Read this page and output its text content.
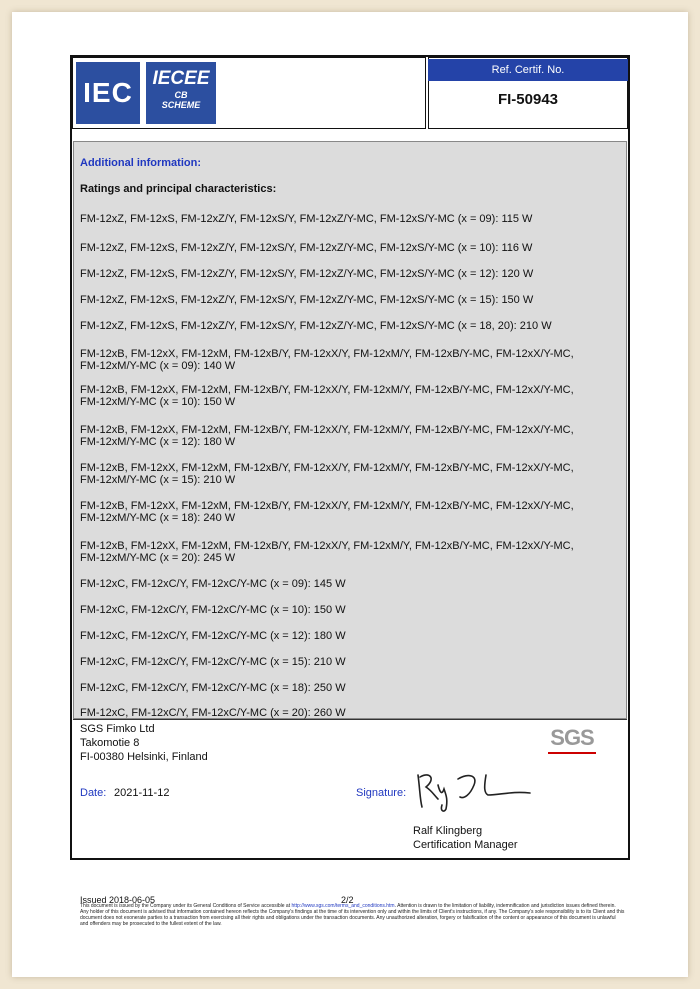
IEC	IECEE
CB
SCHEME
Ref. Certif. No.
FI-50943
Additional information:
Ratings and principal characteristics:
FM-12xZ, FM-12xS, FM-12xZ/Y, FM-12xS/Y, FM-12xZ/Y-MC, FM-12xS/Y-MC (x = 09): 115 W
FM-12xZ, FM-12xS, FM-12xZ/Y, FM-12xS/Y, FM-12xZ/Y-MC, FM-12xS/Y-MC (x = 10): 116 W
FM-12xZ, FM-12xS, FM-12xZ/Y, FM-12xS/Y, FM-12xZ/Y-MC, FM-12xS/Y-MC (x = 12): 120 W
FM-12xZ, FM-12xS, FM-12xZ/Y, FM-12xS/Y, FM-12xZ/Y-MC, FM-12xS/Y-MC (x = 15): 150 W
FM-12xZ, FM-12xS, FM-12xZ/Y, FM-12xS/Y, FM-12xZ/Y-MC, FM-12xS/Y-MC (x = 18, 20): 210 W
FM-12xB, FM-12xX, FM-12xM, FM-12xB/Y, FM-12xX/Y, FM-12xM/Y, FM-12xB/Y-MC, FM-12xX/Y-MC,
FM-12xM/Y-MC (x = 09): 140 W
FM-12xB, FM-12xX, FM-12xM, FM-12xB/Y, FM-12xX/Y, FM-12xM/Y, FM-12xB/Y-MC, FM-12xX/Y-MC,
FM-12xM/Y-MC (x = 10): 150 W
FM-12xB, FM-12xX, FM-12xM, FM-12xB/Y, FM-12xX/Y, FM-12xM/Y, FM-12xB/Y-MC, FM-12xX/Y-MC,
FM-12xM/Y-MC (x = 12): 180 W
FM-12xB, FM-12xX, FM-12xM, FM-12xB/Y, FM-12xX/Y, FM-12xM/Y, FM-12xB/Y-MC, FM-12xX/Y-MC,
FM-12xM/Y-MC (x = 15): 210 W
FM-12xB, FM-12xX, FM-12xM, FM-12xB/Y, FM-12xX/Y, FM-12xM/Y, FM-12xB/Y-MC, FM-12xX/Y-MC,
FM-12xM/Y-MC (x = 18): 240 W
FM-12xB, FM-12xX, FM-12xM, FM-12xB/Y, FM-12xX/Y, FM-12xM/Y, FM-12xB/Y-MC, FM-12xX/Y-MC,
FM-12xM/Y-MC (x = 20): 245 W
FM-12xC, FM-12xC/Y, FM-12xC/Y-MC (x = 09): 145 W
FM-12xC, FM-12xC/Y, FM-12xC/Y-MC (x = 10): 150 W
FM-12xC, FM-12xC/Y, FM-12xC/Y-MC (x = 12): 180 W
FM-12xC, FM-12xC/Y, FM-12xC/Y-MC (x = 15): 210 W
FM-12xC, FM-12xC/Y, FM-12xC/Y-MC (x = 18): 250 W
FM-12xC, FM-12xC/Y, FM-12xC/Y-MC (x = 20): 260 W
SGS Fimko Ltd
Takomotie 8
FI-00380 Helsinki, Finland
SGS
Date: 2021-11-12	Signature:
Ralf Klingberg
Certification Manager
Issued 2018-06-05	2/2
This document is issued by the Company under its General Conditions of Service accessible at http://www.sgs.com/terms_and_conditions.htm. Attention is drawn to the limitation of liability, indemnification and jurisdiction issues defined therein. Any holder of this document is advised that information contained hereon reflects the Company's findings at the time of its intervention only and within the limits of Client's instructions, if any. The Company's sole responsibility is to its Client and this document does not exonerate parties to a transaction from exercising all their rights and obligations under the transaction documents. Any unauthorized alteration, forgery or falsification of the content or appearance of this document is unlawful and offenders may be prosecuted to the fullest extent of the law.
